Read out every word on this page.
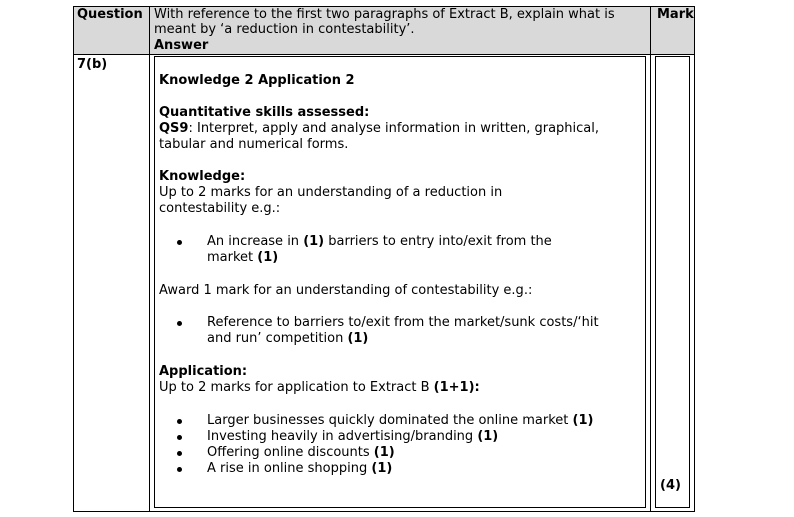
Question With reference to the first two paragraphs of Extract B, explain what is
meant by ‘a reduction in contestability’.
Answer
Mark
7(b)
(4)
Knowledge 2 Application 2
Quantitative skills assessed:
QS9: Interpret, apply and analyse information in written, graphical,
tabular and numerical forms.
Knowledge:
Up to 2 marks for an understanding of a reduction in
contestability e.g.:
An increase in (1) barriers to entry into/exit from the
market (1)
Award 1 mark for an understanding of contestability e.g.:
Reference to barriers to/exit from the market/sunk costs/‘hit
and run’ competition (1)
Application:
Up to 2 marks for application to Extract B (1+1):
Larger businesses quickly dominated the online market (1)
Investing heavily in advertising/branding (1)
Offering online discounts (1)
A rise in online shopping (1)
